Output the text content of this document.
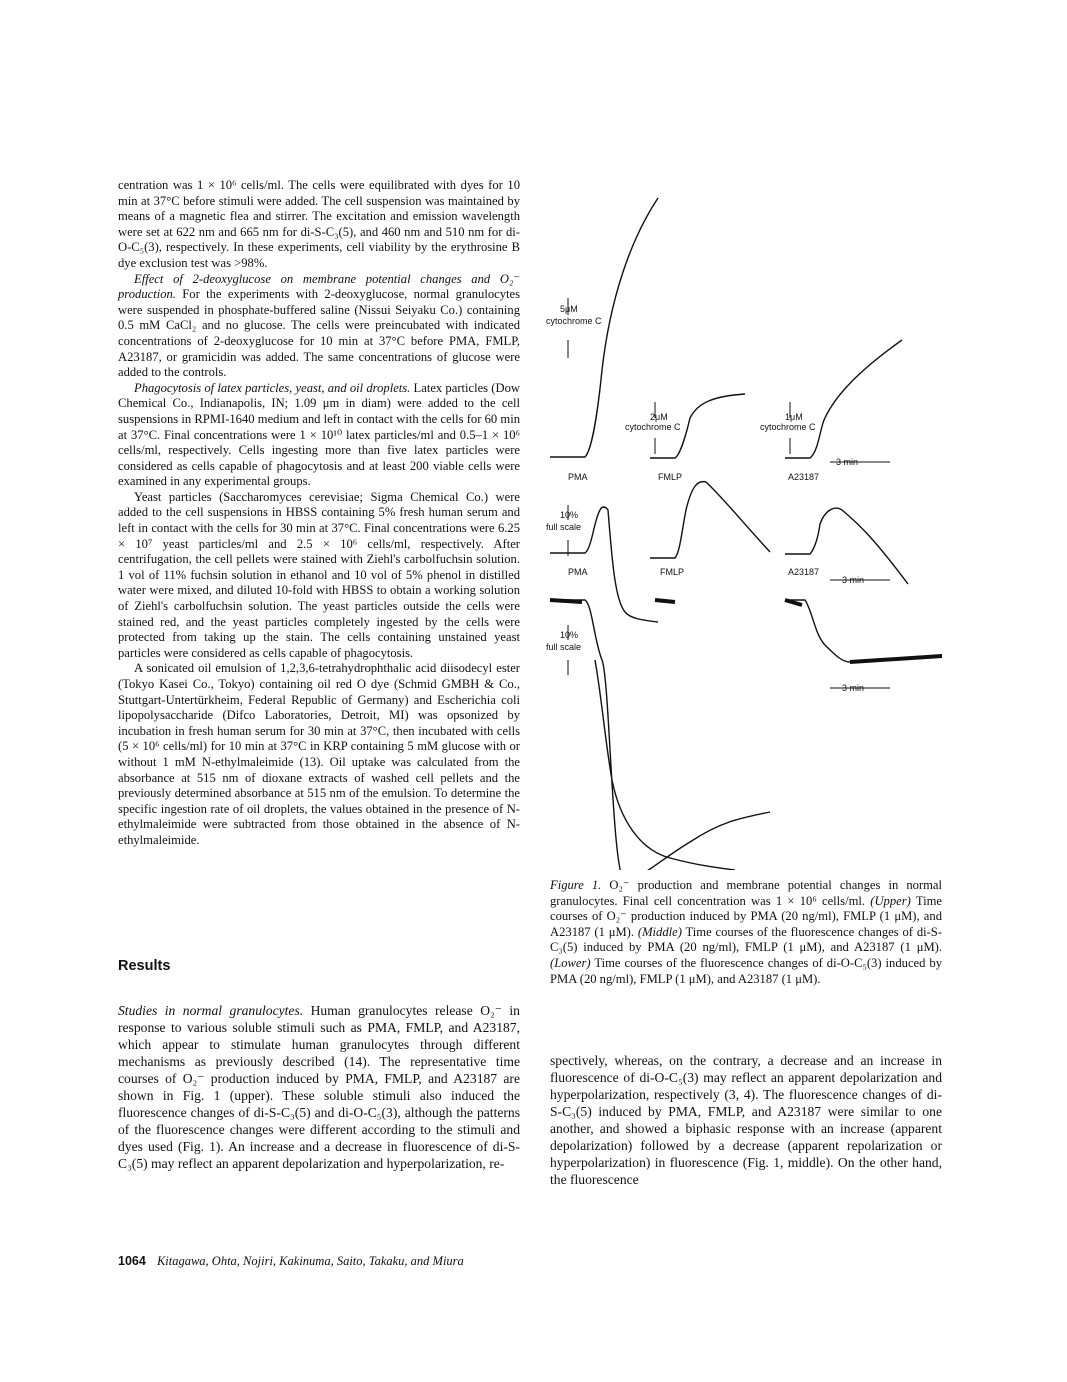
centration was 1 × 10⁶ cells/ml. The cells were equilibrated with dyes for 10 min at 37°C before stimuli were added. The cell suspension was maintained by means of a magnetic flea and stirrer. The excitation and emission wavelength were set at 622 nm and 665 nm for di-S-C₃(5), and 460 nm and 510 nm for di-O-C₅(3), respectively. In these experiments, cell viability by the erythrosine B dye exclusion test was >98%.

Effect of 2-deoxyglucose on membrane potential changes and O₂⁻ production. For the experiments with 2-deoxyglucose, normal granulocytes were suspended in phosphate-buffered saline (Nissui Seiyaku Co.) containing 0.5 mM CaCl₂ and no glucose. The cells were preincubated with indicated concentrations of 2-deoxyglucose for 10 min at 37°C before PMA, FMLP, A23187, or gramicidin was added. The same concentrations of glucose were added to the controls.

Phagocytosis of latex particles, yeast, and oil droplets. Latex particles (Dow Chemical Co., Indianapolis, IN; 1.09 μm in diam) were added to the cell suspensions in RPMI-1640 medium and left in contact with the cells for 60 min at 37°C. Final concentrations were 1 × 10¹⁰ latex particles/ml and 0.5–1 × 10⁶ cells/ml, respectively. Cells ingesting more than five latex particles were considered as cells capable of phagocytosis and at least 200 viable cells were examined in any experimental groups.

Yeast particles (Saccharomyces cerevisiae; Sigma Chemical Co.) were added to the cell suspensions in HBSS containing 5% fresh human serum and left in contact with the cells for 30 min at 37°C. Final concentrations were 6.25 × 10⁷ yeast particles/ml and 2.5 × 10⁶ cells/ml, respectively. After centrifugation, the cell pellets were stained with Ziehl's carbolfuchsin solution. 1 vol of 11% fuchsin solution in ethanol and 10 vol of 5% phenol in distilled water were mixed, and diluted 10-fold with HBSS to obtain a working solution of Ziehl's carbolfuchsin solution. The yeast particles outside the cells were stained red, and the yeast particles completely ingested by the cells were protected from taking up the stain. The cells containing unstained yeast particles were considered as cells capable of phagocytosis.

A sonicated oil emulsion of 1,2,3,6-tetrahydrophthalic acid diisodecyl ester (Tokyo Kasei Co., Tokyo) containing oil red O dye (Schmid GMBH & Co., Stuttgart-Untertürkheim, Federal Republic of Germany) and Escherichia coli lipopolysaccharide (Difco Laboratories, Detroit, MI) was opsonized by incubation in fresh human serum for 30 min at 37°C, then incubated with cells (5 × 10⁶ cells/ml) for 10 min at 37°C in KRP containing 5 mM glucose with or without 1 mM N-ethylmaleimide (13). Oil uptake was calculated from the absorbance at 515 nm of dioxane extracts of washed cell pellets and the previously determined absorbance at 515 nm of the emulsion. To determine the specific ingestion rate of oil droplets, the values obtained in the presence of N-ethylmaleimide were subtracted from those obtained in the absence of N-ethylmaleimide.

Results

Studies in normal granulocytes. Human granulocytes release O₂⁻ in response to various soluble stimuli such as PMA, FMLP, and A23187, which appear to stimulate human granulocytes through different mechanisms as previously described (14). The representative time courses of O₂⁻ production induced by PMA, FMLP, and A23187 are shown in Fig. 1 (upper). These soluble stimuli also induced the fluorescence changes of di-S-C₃(5) and di-O-C₅(3), although the patterns of the fluorescence changes were different according to the stimuli and dyes used (Fig. 1). An increase and a decrease in fluorescence of di-S-C₃(5) may reflect an apparent depolarization and hyperpolarization, re-

5μM
cytochrome C
2μM
cytochrome C
1μM
cytochrome C
PMA	FMLP	A23187
3 min
10%
full scale
PMA	FMLP	A23187
3 min
10%
full scale
3 min
Figure 1. O₂⁻ production and membrane potential changes in normal granulocytes. Final cell concentration was 1 × 10⁶ cells/ml. (Upper) Time courses of O₂⁻ production induced by PMA (20 ng/ml), FMLP (1 μM), and A23187 (1 μM). (Middle) Time courses of the fluorescence changes of di-S-C₃(5) induced by PMA (20 ng/ml), FMLP (1 μM), and A23187 (1 μM). (Lower) Time courses of the fluorescence changes of di-O-C₅(3) induced by PMA (20 ng/ml), FMLP (1 μM), and A23187 (1 μM).

spectively, whereas, on the contrary, a decrease and an increase in fluorescence of di-O-C₅(3) may reflect an apparent depolarization and hyperpolarization, respectively (3, 4). The fluorescence changes of di-S-C₃(5) induced by PMA, FMLP, and A23187 were similar to one another, and showed a biphasic response with an increase (apparent depolarization) followed by a decrease (apparent repolarization or hyperpolarization) in fluorescence (Fig. 1, middle). On the other hand, the fluorescence

1064 Kitagawa, Ohta, Nojiri, Kakinuma, Saito, Takaku, and Miura
